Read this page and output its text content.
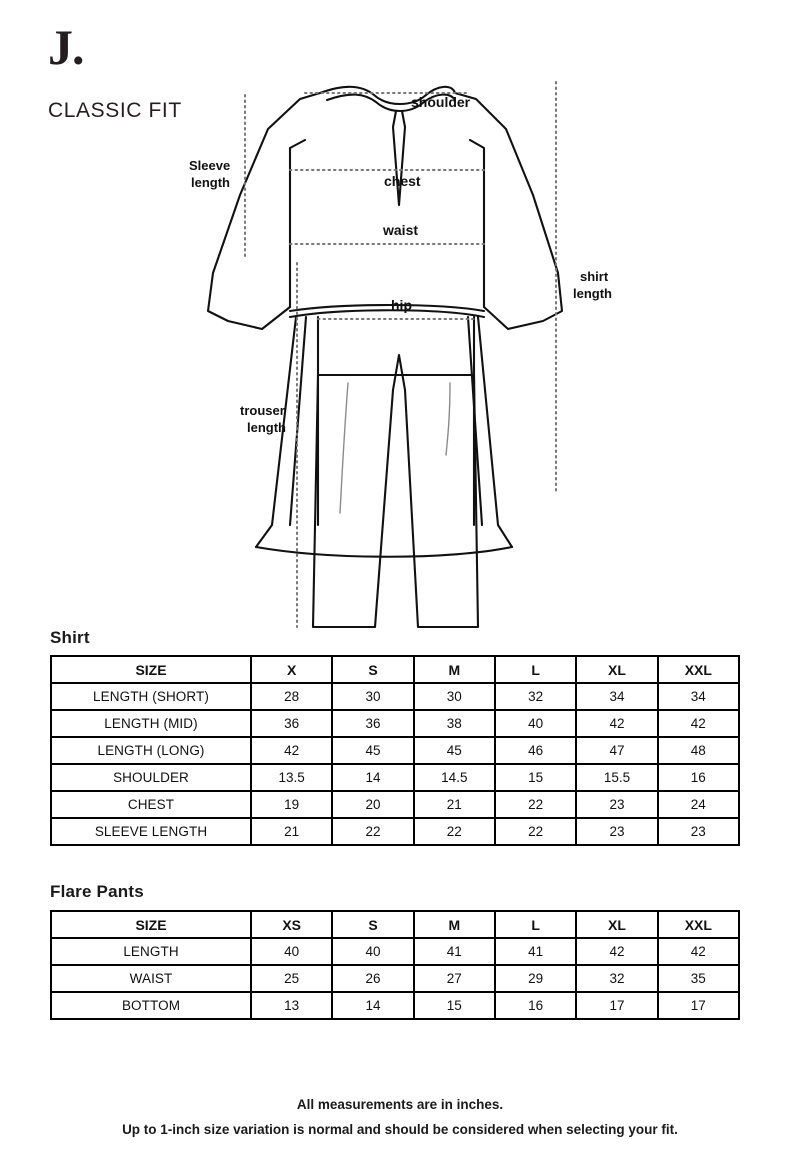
J.
CLASSIC FIT	shoulder
chest
waist
hip
Sleeve
length
shirt
length
trouser
length
Shirt
SIZE	X	S	M	L	XL	XXL
LENGTH (SHORT)	28	30	30	32	34	34
LENGTH (MID)	36	36	38	40	42	42
LENGTH (LONG)	42	45	45	46	47	48
SHOULDER	13.5	14	14.5	15	15.5	16
CHEST	19	20	21	22	23	24
SLEEVE LENGTH	21	22	22	22	23	23
Flare Pants
SIZE	XS	S	M	L	XL	XXL
LENGTH	40	40	41	41	42	42
WAIST	25	26	27	29	32	35
BOTTOM	13	14	15	16	17	17
All measurements are in inches.
Up to 1-inch size variation is normal and should be considered when selecting your fit.
